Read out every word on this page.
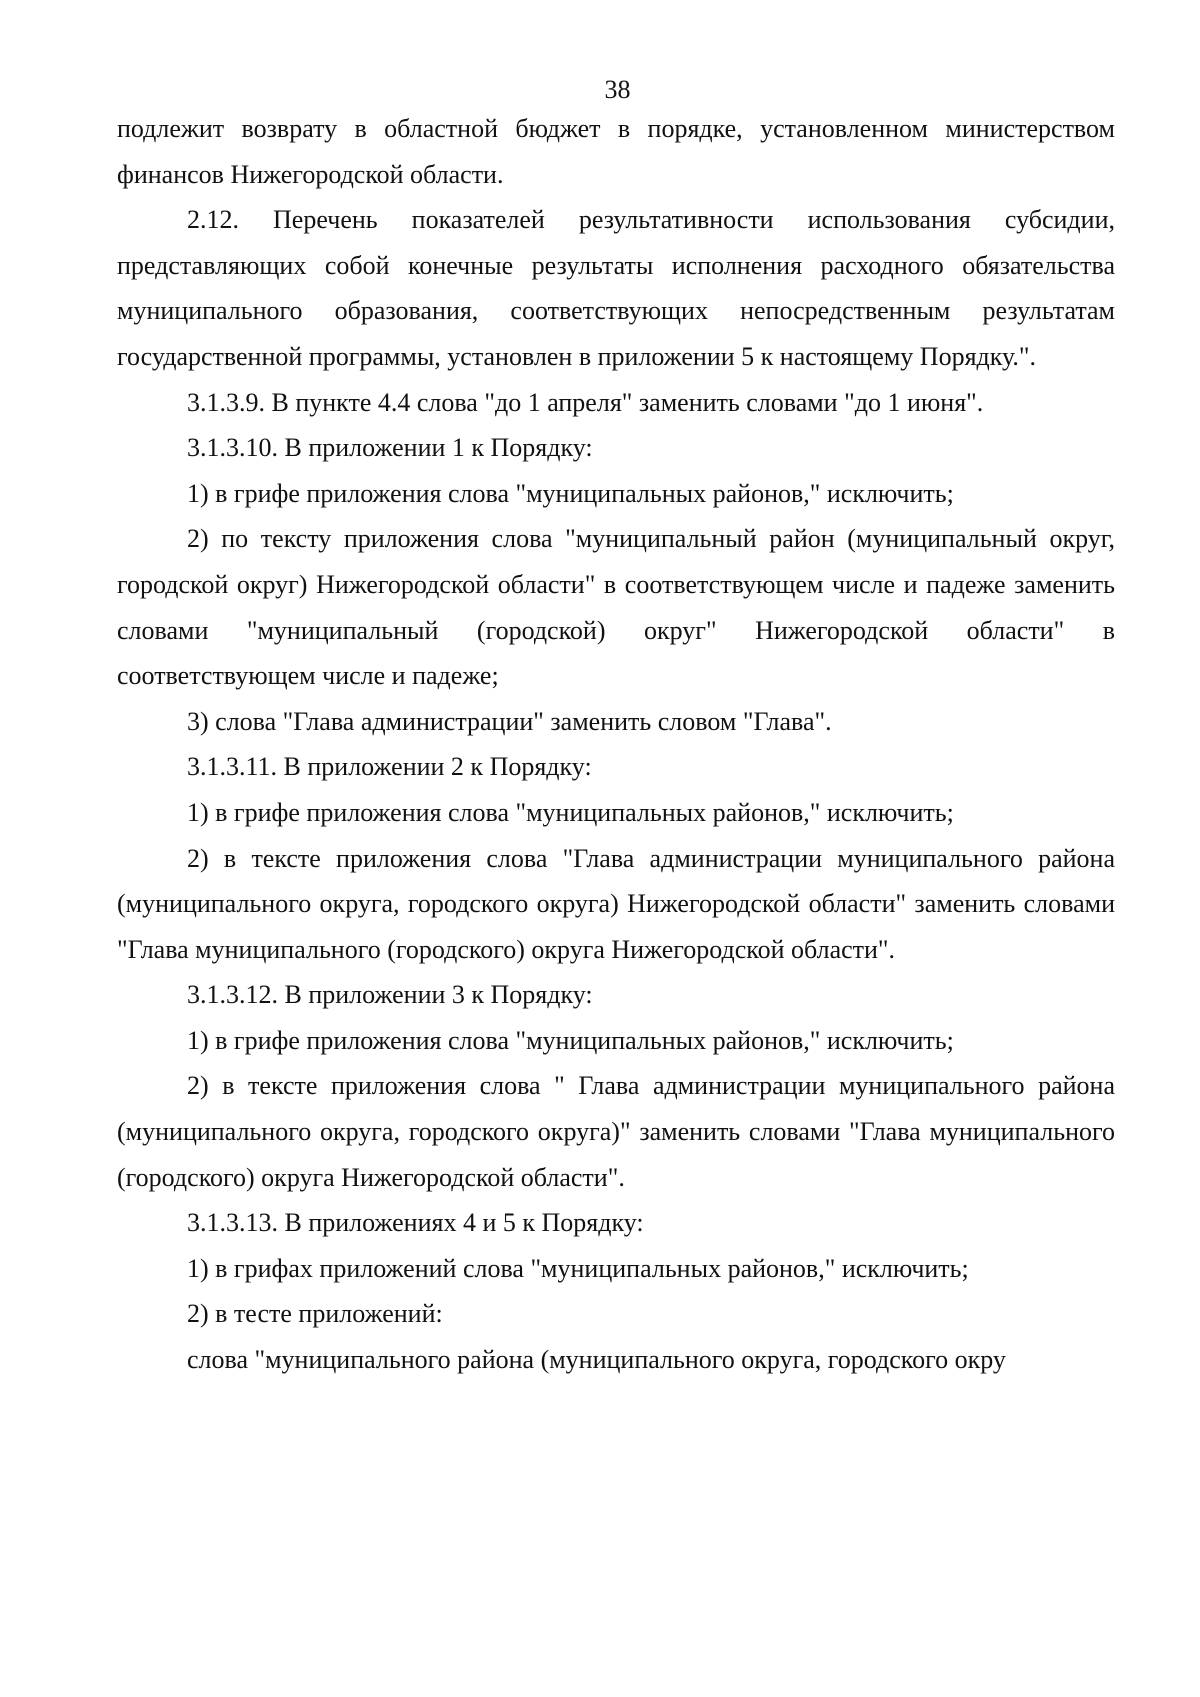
38

подлежит возврату в областной бюджет в порядке, установленном министерством финансов Нижегородской области.

2.12. Перечень показателей результативности использования субсидии, представляющих собой конечные результаты исполнения расходного обязательства муниципального образования, соответствующих непосредственным результатам государственной программы, установлен в приложении 5 к настоящему Порядку.".

3.1.3.9. В пункте 4.4 слова "до 1 апреля" заменить словами "до 1 июня".

3.1.3.10. В приложении 1 к Порядку:

1) в грифе приложения слова "муниципальных районов," исключить;

2) по тексту приложения слова "муниципальный район (муниципальный округ, городской округ) Нижегородской области" в соответствующем числе и падеже заменить словами "муниципальный (городской) округ" Нижегородской области" в соответствующем числе и падеже;

3) слова "Глава администрации" заменить словом "Глава".

3.1.3.11. В приложении 2 к Порядку:

1) в грифе приложения слова "муниципальных районов," исключить;

2) в тексте приложения слова "Глава администрации муниципального района (муниципального округа, городского округа) Нижегородской области" заменить словами "Глава муниципального (городского) округа Нижегородской области".

3.1.3.12. В приложении 3 к Порядку:

1) в грифе приложения слова "муниципальных районов," исключить;

2) в тексте приложения слова " Глава администрации муниципального района (муниципального округа, городского округа)" заменить словами "Глава муниципального (городского) округа Нижегородской области".

3.1.3.13. В приложениях 4 и 5 к Порядку:

1) в грифах приложений слова "муниципальных районов," исключить;

2) в тесте приложений:

слова "муниципального района (муниципального округа, городского окру
